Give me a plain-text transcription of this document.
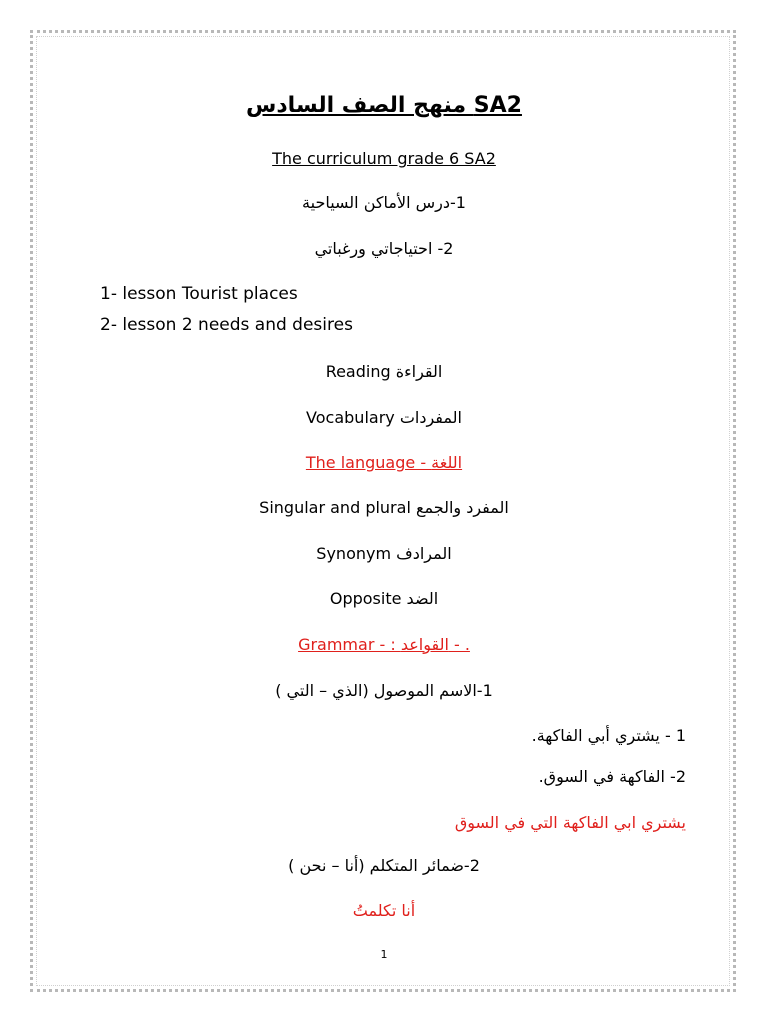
SA2 منهج الصف السادس
The curriculum grade 6 SA2
1-درس الأماكن السياحية
2- احتياجاتي ورغباتي
1- lesson Tourist places
2- lesson 2 needs and desires
Reading القراءة
Vocabulary المفردات
The language - اللغة
Singular and plural المفرد والجمع
Synonym المرادف
Opposite الضد
Grammar - : القواعد - .
1-الاسم الموصول (الذي – التي )
1 - يشتري أبي الفاكهة.
2- الفاكهة في السوق.
يشتري ابي الفاكهة التي في السوق
2-ضمائر المتكلم (أنا – نحن )
أنا تكلمتُ
1
